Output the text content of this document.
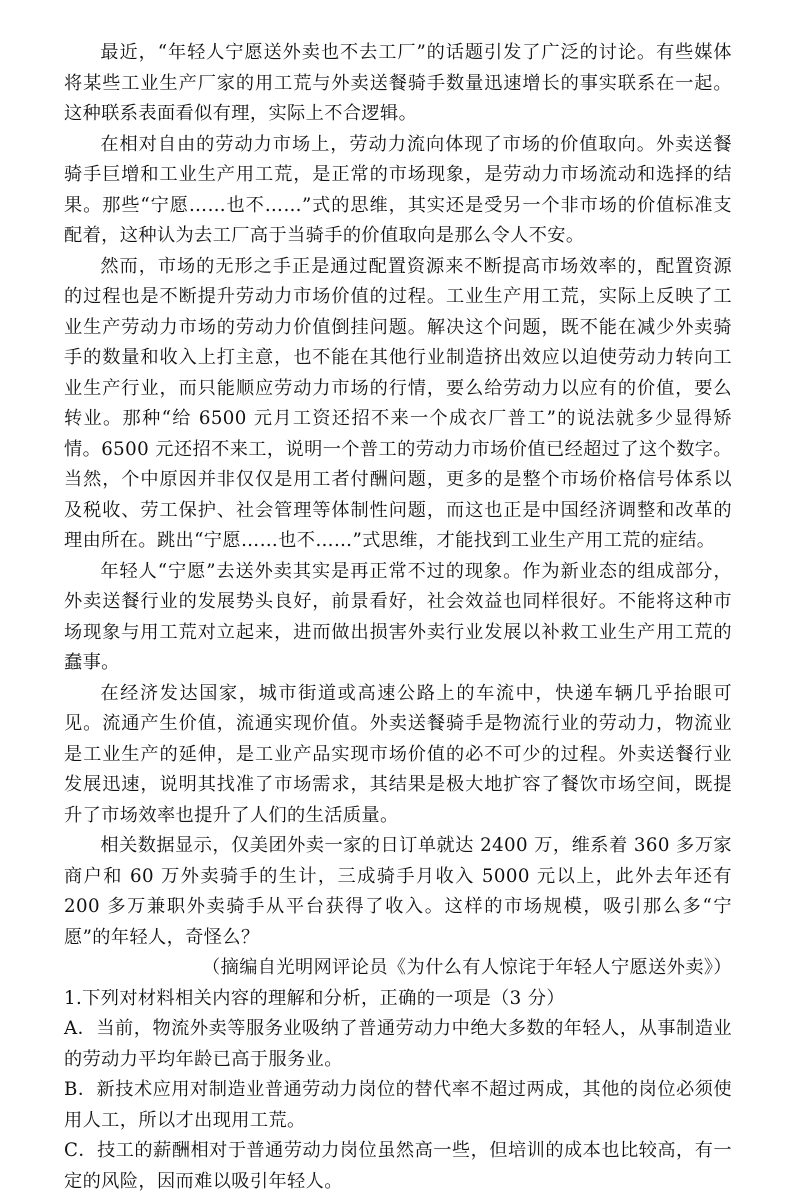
最近，“年轻人宁愿送外卖也不去工厂”的话题引发了广泛的讨论。有些媒体将某些工业生产厂家的用工荒与外卖送餐骑手数量迅速增长的事实联系在一起。这种联系表面看似有理，实际上不合逻辑。

在相对自由的劳动力市场上，劳动力流向体现了市场的价值取向。外卖送餐骑手巨增和工业生产用工荒，是正常的市场现象，是劳动力市场流动和选择的结果。那些“宁愿……也不……”式的思维，其实还是受另一个非市场的价值标准支配着，这种认为去工厂高于当骑手的价值取向是那么令人不安。

然而，市场的无形之手正是通过配置资源来不断提高市场效率的，配置资源的过程也是不断提升劳动力市场价值的过程。工业生产用工荒，实际上反映了工业生产劳动力市场的劳动力价值倒挂问题。解决这个问题，既不能在减少外卖骑手的数量和收入上打主意，也不能在其他行业制造挤出效应以迫使劳动力转向工业生产行业，而只能顺应劳动力市场的行情，要么给劳动力以应有的价值，要么转业。那种“给 6500 元月工资还招不来一个成衣厂普工”的说法就多少显得矫情。6500 元还招不来工，说明一个普工的劳动力市场价值已经超过了这个数字。当然，个中原因并非仅仅是用工者付酬问题，更多的是整个市场价格信号体系以及税收、劳工保护、社会管理等体制性问题，而这也正是中国经济调整和改革的理由所在。跳出“宁愿……也不……”式思维，才能找到工业生产用工荒的症结。

年轻人“宁愿”去送外卖其实是再正常不过的现象。作为新业态的组成部分，外卖送餐行业的发展势头良好，前景看好，社会效益也同样很好。不能将这种市场现象与用工荒对立起来，进而做出损害外卖行业发展以补救工业生产用工荒的蠢事。

在经济发达国家，城市街道或高速公路上的车流中，快递车辆几乎抬眼可见。流通产生价值，流通实现价值。外卖送餐骑手是物流行业的劳动力，物流业是工业生产的延伸，是工业产品实现市场价值的必不可少的过程。外卖送餐行业发展迅速，说明其找准了市场需求，其结果是极大地扩容了餐饮市场空间，既提升了市场效率也提升了人们的生活质量。

相关数据显示，仅美团外卖一家的日订单就达 2400 万，维系着 360 多万家商户和 60 万外卖骑手的生计，三成骑手月收入 5000 元以上，此外去年还有 200 多万兼职外卖骑手从平台获得了收入。这样的市场规模，吸引那么多“宁愿”的年轻人，奇怪么？

（摘编自光明网评论员《为什么有人惊诧于年轻人宁愿送外卖》）

1.下列对材料相关内容的理解和分析，正确的一项是（3 分）

A．当前，物流外卖等服务业吸纳了普通劳动力中绝大多数的年轻人，从事制造业的劳动力平均年龄已高于服务业。

B．新技术应用对制造业普通劳动力岗位的替代率不超过两成，其他的岗位必须使用人工，所以才出现用工荒。

C．技工的薪酬相对于普通劳动力岗位虽然高一些，但培训的成本也比较高，有一定的风险，因而难以吸引年轻人。
